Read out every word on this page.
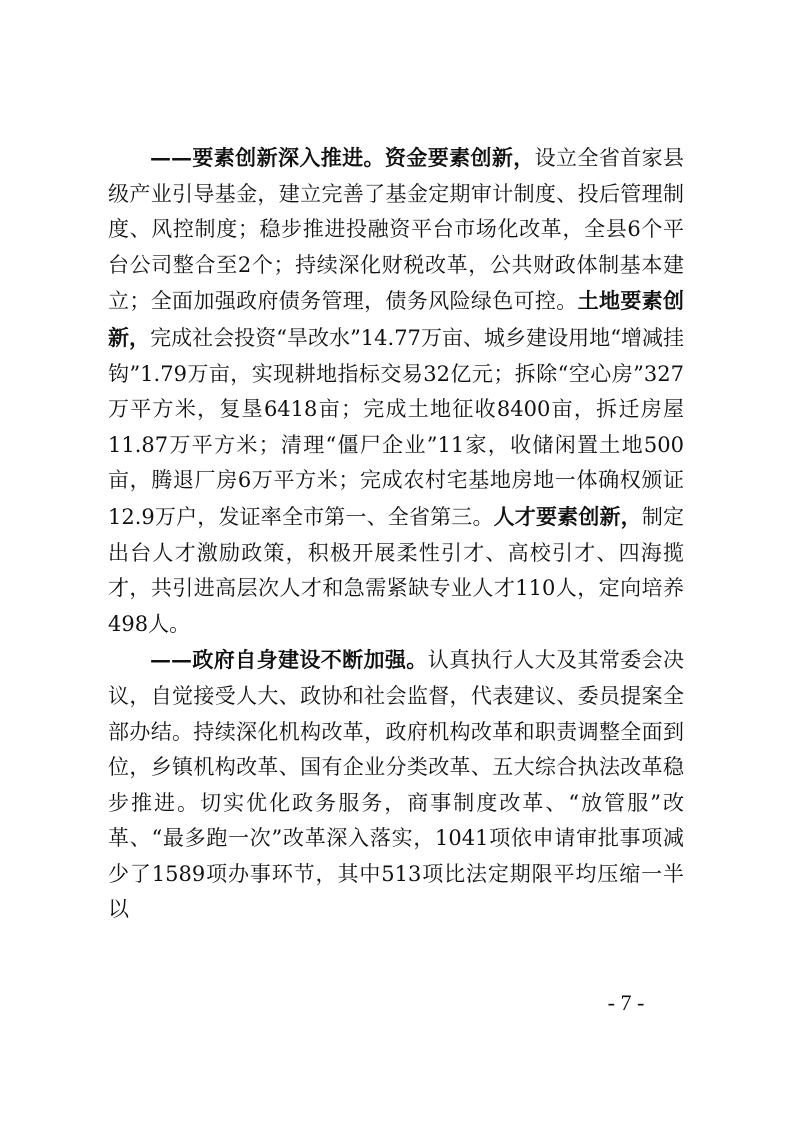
——要素创新深入推进。资金要素创新，设立全省首家县级产业引导基金，建立完善了基金定期审计制度、投后管理制度、风控制度；稳步推进投融资平台市场化改革，全县6个平台公司整合至2个；持续深化财税改革，公共财政体制基本建立；全面加强政府债务管理，债务风险绿色可控。土地要素创新，完成社会投资“旱改水”14.77万亩、城乡建设用地“增减挂钩”1.79万亩，实现耕地指标交易32亿元；拆除“空心房”327万平方米，复垦6418亩；完成土地征收8400亩，拆迁房屋11.87万平方米；清理“僵尸企业”11家，收储闲置土地500亩，腾退厂房6万平方米；完成农村宅基地房地一体确权颁证12.9万户，发证率全市第一、全省第三。人才要素创新，制定出台人才激励政策，积极开展柔性引才、高校引才、四海揽才，共引进高层次人才和急需紧缺专业人才110人，定向培养498人。

——政府自身建设不断加强。认真执行人大及其常委会决议，自觉接受人大、政协和社会监督，代表建议、委员提案全部办结。持续深化机构改革，政府机构改革和职责调整全面到位，乡镇机构改革、国有企业分类改革、五大综合执法改革稳步推进。切实优化政务服务，商事制度改革、“放管服”改革、“最多跑一次”改革深入落实，1041项依申请审批事项减少了1589项办事环节，其中513项比法定期限平均压缩一半以

- 7 -
